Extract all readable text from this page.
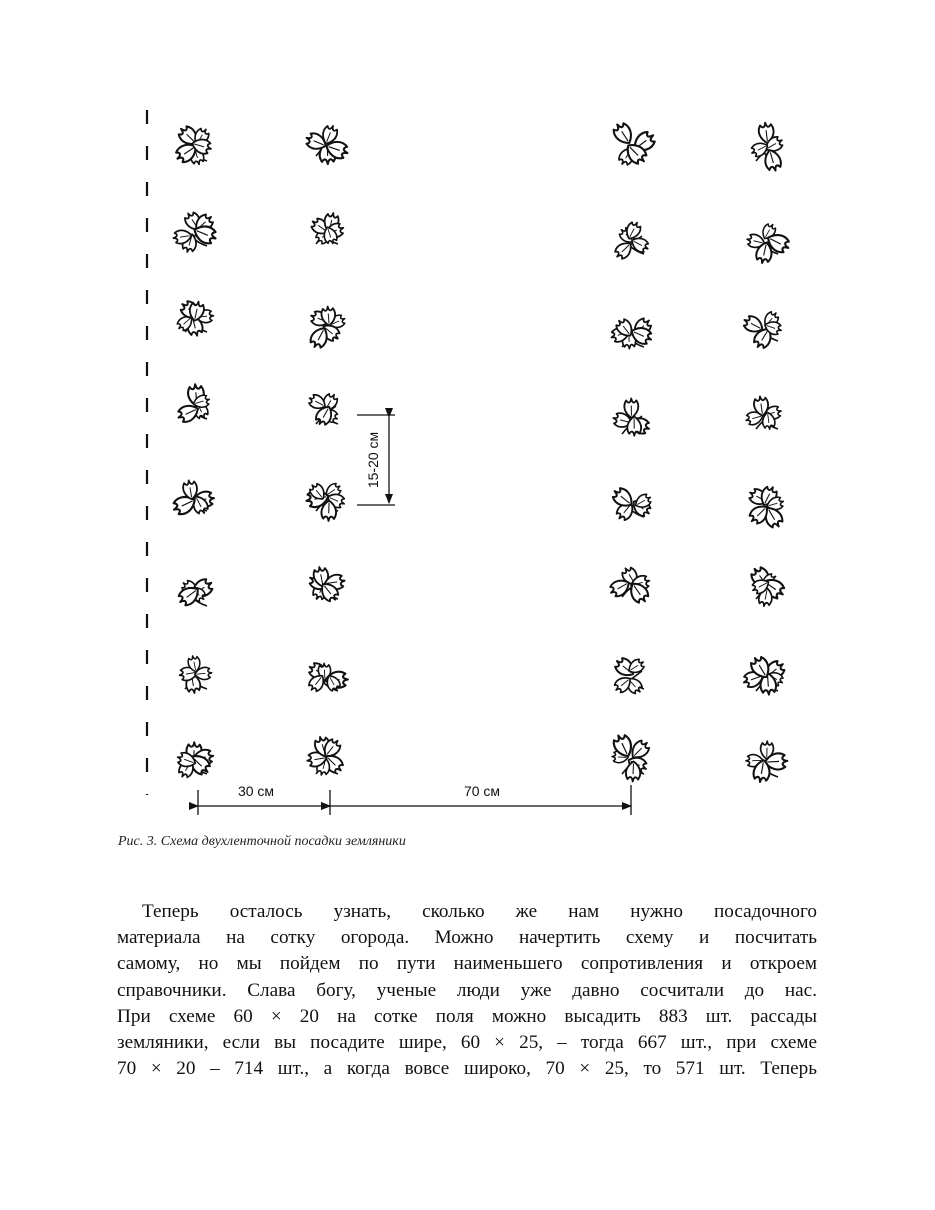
30 см	70 см
15-20 см
Рис. 3. Схема двухленточной посадки земляники
Теперь осталось узнать, сколько же нам нужно посадочного
материала на сотку огорода. Можно начертить схему и посчитать
самому, но мы пойдем по пути наименьшего сопротивления и откроем
справочники. Слава богу, ученые люди уже давно сосчитали до нас.
При схеме 60 × 20 на сотке поля можно высадить 883 шт. рассады
земляники, если вы посадите шире, 60 × 25, – тогда 667 шт., при схеме
70 × 20 – 714 шт., а когда вовсе широко, 70 × 25, то 571 шт. Теперь
